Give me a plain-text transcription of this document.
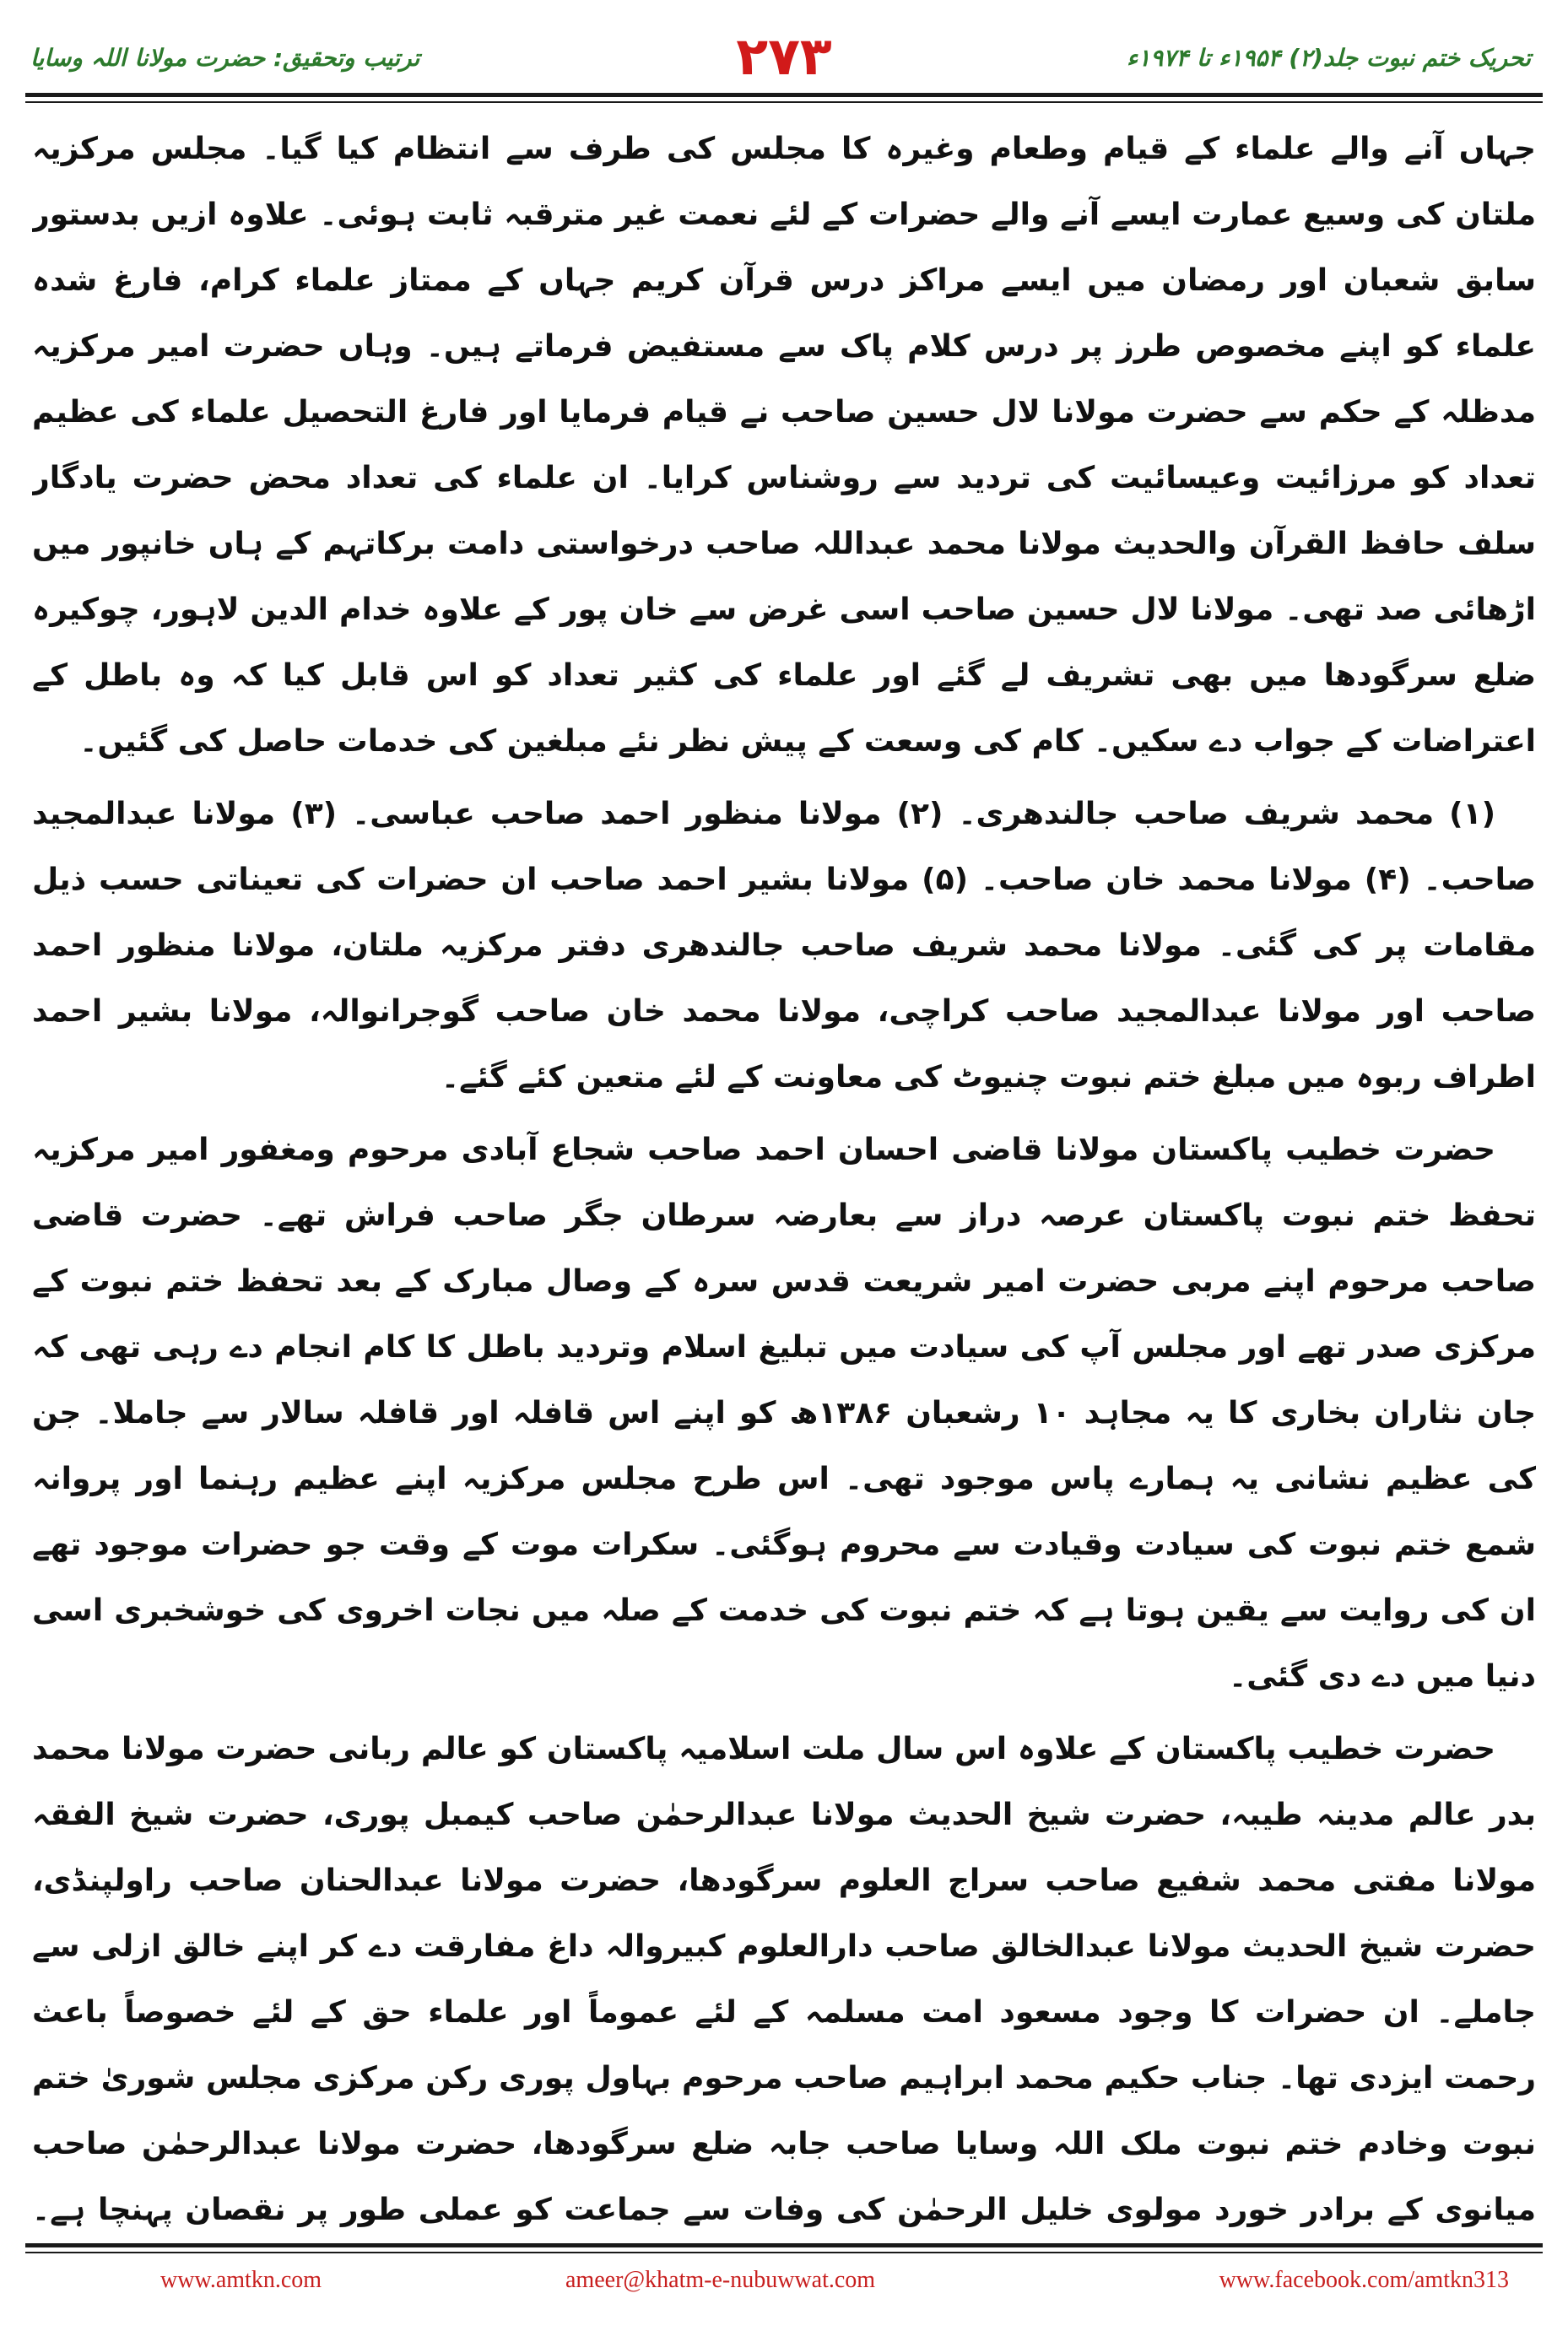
تحریک ختم نبوت جلد(۲) ۱۹۵۴ء تا ۱۹۷۴ء
۲۷۳
ترتیب وتحقیق: حضرت مولانا اللہ وسایا

جہاں آنے والے علماء کے قیام وطعام وغیرہ کا مجلس کی طرف سے انتظام کیا گیا۔ مجلس مرکزیہ ملتان کی وسیع عمارت ایسے آنے والے حضرات کے لئے نعمت غیر مترقبہ ثابت ہوئی۔ علاوہ ازیں بدستور سابق شعبان اور رمضان میں ایسے مراکز درس قرآن کریم جہاں کے ممتاز علماء کرام، فارغ شدہ علماء کو اپنے مخصوص طرز پر درس کلام پاک سے مستفیض فرماتے ہیں۔ وہاں حضرت امیر مرکزیہ مدظلہ کے حکم سے حضرت مولانا لال حسین صاحب نے قیام فرمایا اور فارغ التحصیل علماء کی عظیم تعداد کو مرزائیت وعیسائیت کی تردید سے روشناس کرایا۔ ان علماء کی تعداد محض حضرت یادگار سلف حافظ القرآن والحدیث مولانا محمد عبداللہ صاحب درخواستی دامت برکاتہم کے ہاں خانپور میں اڑھائی صد تھی۔ مولانا لال حسین صاحب اسی غرض سے خان پور کے علاوہ خدام الدین لاہور، چوکیرہ ضلع سرگودھا میں بھی تشریف لے گئے اور علماء کی کثیر تعداد کو اس قابل کیا کہ وہ باطل کے اعتراضات کے جواب دے سکیں۔ کام کی وسعت کے پیش نظر نئے مبلغین کی خدمات حاصل کی گئیں۔

(۱) محمد شریف صاحب جالندھری۔ (۲) مولانا منظور احمد صاحب عباسی۔ (۳) مولانا عبدالمجید صاحب۔ (۴) مولانا محمد خان صاحب۔ (۵) مولانا بشیر احمد صاحب ان حضرات کی تعیناتی حسب ذیل مقامات پر کی گئی۔ مولانا محمد شریف صاحب جالندھری دفتر مرکزیہ ملتان، مولانا منظور احمد صاحب اور مولانا عبدالمجید صاحب کراچی، مولانا محمد خان صاحب گوجرانوالہ، مولانا بشیر احمد اطراف ربوہ میں مبلغ ختم نبوت چنیوٹ کی معاونت کے لئے متعین کئے گئے۔

حضرت خطیب پاکستان مولانا قاضی احسان احمد صاحب شجاع آبادی مرحوم ومغفور امیر مرکزیہ تحفظ ختم نبوت پاکستان عرصہ دراز سے بعارضہ سرطان جگر صاحب فراش تھے۔ حضرت قاضی صاحب مرحوم اپنے مربی حضرت امیر شریعت قدس سرہ کے وصال مبارک کے بعد تحفظ ختم نبوت کے مرکزی صدر تھے اور مجلس آپ کی سیادت میں تبلیغ اسلام وتردید باطل کا کام انجام دے رہی تھی کہ جان نثاران بخاری کا یہ مجاہد ۱۰ رشعبان ۱۳۸۶ھ کو اپنے اس قافلہ اور قافلہ سالار سے جاملا۔ جن کی عظیم نشانی یہ ہمارے پاس موجود تھی۔ اس طرح مجلس مرکزیہ اپنے عظیم رہنما اور پروانہ شمع ختم نبوت کی سیادت وقیادت سے محروم ہوگئی۔ سکرات موت کے وقت جو حضرات موجود تھے ان کی روایت سے یقین ہوتا ہے کہ ختم نبوت کی خدمت کے صلہ میں نجات اخروی کی خوشخبری اسی دنیا میں دے دی گئی۔

حضرت خطیب پاکستان کے علاوہ اس سال ملت اسلامیہ پاکستان کو عالم ربانی حضرت مولانا محمد بدر عالم مدینہ طیبہ، حضرت شیخ الحدیث مولانا عبدالرحمٰن صاحب کیمبل پوری، حضرت شیخ الفقہ مولانا مفتی محمد شفیع صاحب سراج العلوم سرگودھا، حضرت مولانا عبدالحنان صاحب راولپنڈی، حضرت شیخ الحدیث مولانا عبدالخالق صاحب دارالعلوم کبیروالہ داغ مفارقت دے کر اپنے خالق ازلی سے جاملے۔ ان حضرات کا وجود مسعود امت مسلمہ کے لئے عموماً اور علماء حق کے لئے خصوصاً باعث رحمت ایزدی تھا۔ جناب حکیم محمد ابراہیم صاحب مرحوم بہاول پوری رکن مرکزی مجلس شوریٰ ختم نبوت وخادم ختم نبوت ملک اللہ وسایا صاحب جابہ ضلع سرگودھا، حضرت مولانا عبدالرحمٰن صاحب میانوی کے برادر خورد مولوی خلیل الرحمٰن کی وفات سے جماعت کو عملی طور پر نقصان پہنچا ہے۔

www.amtkn.com	ameer@khatm-e-nubuwwat.com	www.facebook.com/amtkn313
